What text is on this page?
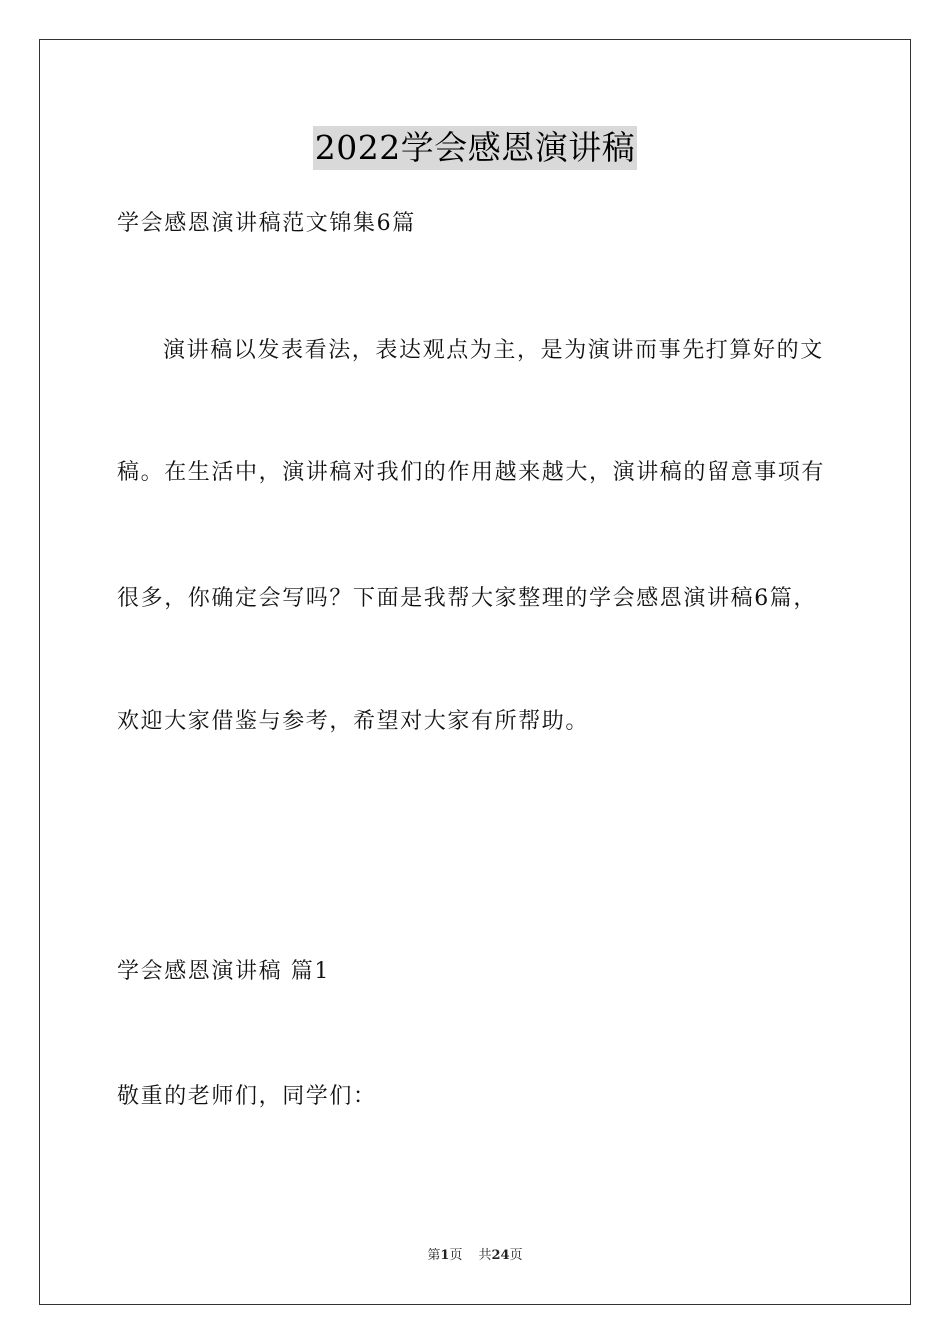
2022学会感恩演讲稿
学会感恩演讲稿范文锦集6篇
演讲稿以发表看法，表达观点为主，是为演讲而事先打算好的文
稿。在生活中，演讲稿对我们的作用越来越大，演讲稿的留意事项有
很多，你确定会写吗？下面是我帮大家整理的学会感恩演讲稿6篇，
欢迎大家借鉴与参考，希望对大家有所帮助。
学会感恩演讲稿 篇1
敬重的老师们，同学们：
第1页 共24页
